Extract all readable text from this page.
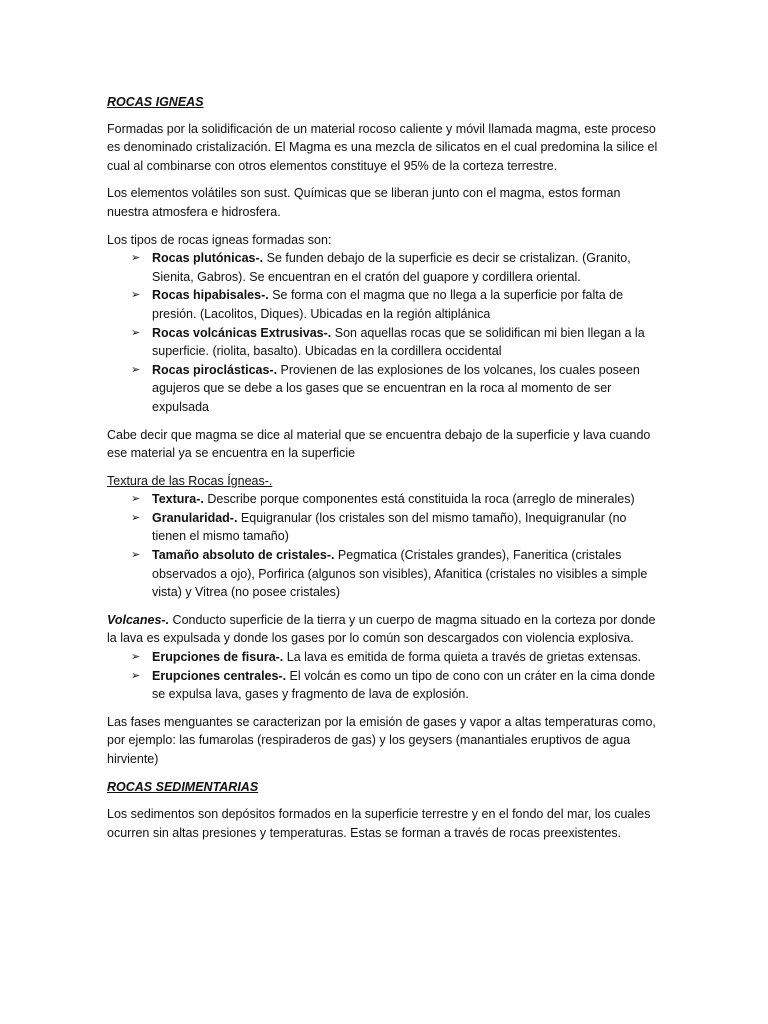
ROCAS IGNEAS

Formadas por la solidificación de un material rocoso caliente y móvil llamada magma, este proceso es denominado cristalización. El Magma es una mezcla de silicatos en el cual predomina la silice el cual al combinarse con otros elementos constituye el 95% de la corteza terrestre.

Los elementos volátiles son sust. Químicas que se liberan junto con el magma, estos forman nuestra atmosfera e hidrosfera.

Los tipos de rocas igneas formadas son:

➢ Rocas plutónicas-. Se funden debajo de la superficie es decir se cristalizan. (Granito, Sienita, Gabros). Se encuentran en el cratón del guapore y cordillera oriental.
➢ Rocas hipabisales-. Se forma con el magma que no llega a la superficie por falta de presión. (Lacolitos, Diques). Ubicadas en la región altiplánica
➢ Rocas volcánicas Extrusivas-. Son aquellas rocas que se solidifican mi bien llegan a la superficie. (riolita, basalto). Ubicadas en la cordillera occidental
➢ Rocas piroclásticas-. Provienen de las explosiones de los volcanes, los cuales poseen agujeros que se debe a los gases que se encuentran en la roca al momento de ser expulsada

Cabe decir que magma se dice al material que se encuentra debajo de la superficie y lava cuando ese material ya se encuentra en la superficie

Textura de las Rocas Ígneas-.

➢ Textura-. Describe porque componentes está constituida la roca (arreglo de minerales)
➢ Granularidad-. Equigranular (los cristales son del mismo tamaño), Inequigranular (no tienen el mismo tamaño)
➢ Tamaño absoluto de cristales-. Pegmatica (Cristales grandes), Faneritica (cristales observados a ojo), Porfirica (algunos son visibles), Afanitica (cristales no visibles a simple vista) y Vitrea (no posee cristales)

Volcanes-. Conducto superficie de la tierra y un cuerpo de magma situado en la corteza por donde la lava es expulsada y donde los gases por lo común son descargados con violencia explosiva.

➢ Erupciones de fisura-. La lava es emitida de forma quieta a través de grietas extensas.
➢ Erupciones centrales-. El volcán es como un tipo de cono con un cráter en la cima donde se expulsa lava, gases y fragmento de lava de explosión.

Las fases menguantes se caracterizan por la emisión de gases y vapor a altas temperaturas como, por ejemplo: las fumarolas (respiraderos de gas) y los geysers (manantiales eruptivos de agua hirviente)

ROCAS SEDIMENTARIAS

Los sedimentos son depósitos formados en la superficie terrestre y en el fondo del mar, los cuales ocurren sin altas presiones y temperaturas. Estas se forman a través de rocas preexistentes.
